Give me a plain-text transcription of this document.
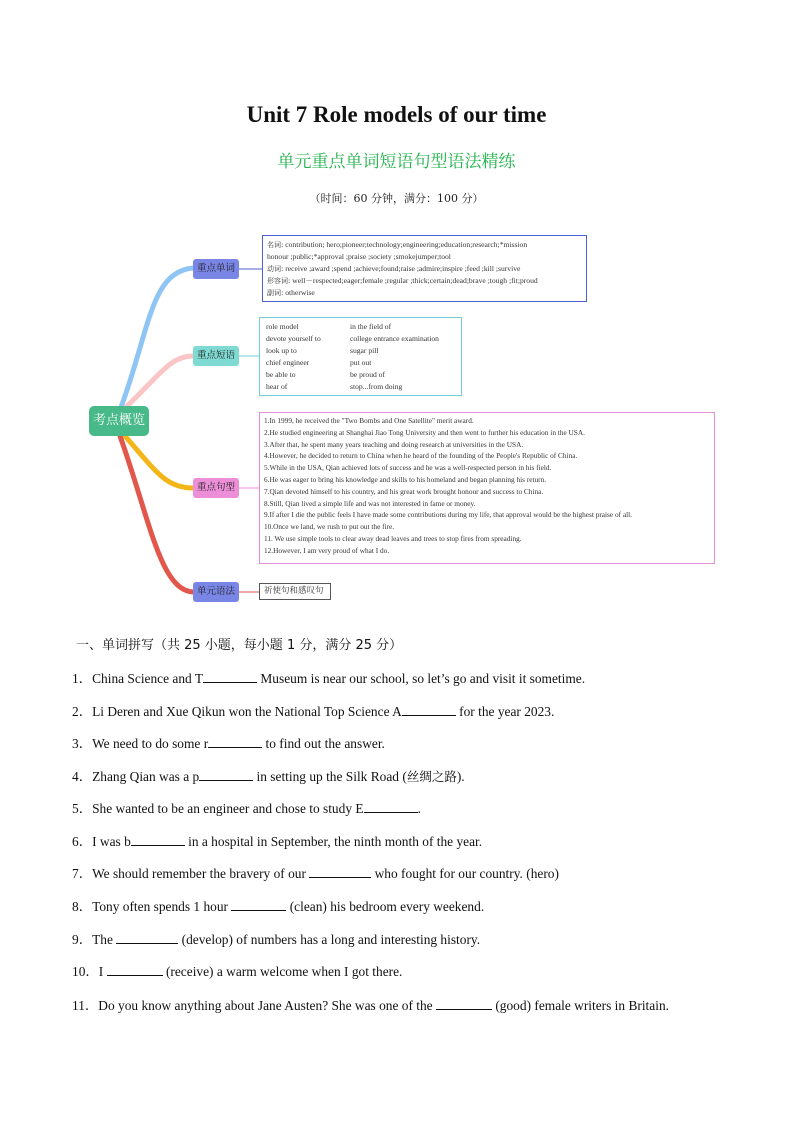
Unit 7 Role models of our time
单元重点单词短语句型语法精练
（时间：60 分钟，满分：100 分）
考点概览
重点单词
重点短语
重点句型
单元语法
名词: contribution; hero;pioneer;technology;engineering;education;research;*mission
honour ;public;*approval ;praise ;society ;smokejumper;tool
动词: receive ;award ;spend ;achieve;found;raise ;admire;inspire ;feed ;kill ;survive
形容词: well－respected;eager;female ;regular ;thick;certain;dead;brave ;tough ;fit;proud
副词: otherwise
role model	in the field of
devote yourself to	college entrance examination
look up to	sugar pill
chief engineer	put out
be able to	be proud of
hear of	stop...from doing
1.In 1999, he received the "Two Bombs and One Satellite" merit award.
2.He studied engineering at Shanghai Jiao Tong University and then went to further his education in the USA.
3.After that, he spent many years teaching and doing research at universities in the USA.
4.However, he decided to return to China when he heard of the founding of the People's Republic of China.
5.While in the USA, Qian achieved lots of success and he was a well-respected person in his field.
6.He was eager to bring his knowledge and skills to his homeland and began planning his return.
7.Qian devoted himself to his country, and his great work brought honour and success to China.
8.Still, Qian lived a simple life and was not interested in fame or money.
9.If after I die the public feels I have made some contributions during my life, that approval would be the highest praise of all.
10.Once we land, we rush to put out the fire.
11. We use simple tools to clear away dead leaves and trees to stop fires from spreading.
12.However, I am very proud of what I do.
祈使句和感叹句
一、单词拼写（共 25 小题，每小题 1 分，满分 25 分）
1．China Science and T	Museum is near our school, so let’s go and visit it sometime.
2．Li Deren and Xue Qikun won the National Top Science A	for the year 2023.
3．We need to do some r	to find out the answer.
4．Zhang Qian was a p	in setting up the Silk Road (丝绸之路).
5．She wanted to be an engineer and chose to study E	.
6．I was b	in a hospital in September, the ninth month of the year.
7．We should remember the bravery of our	who fought for our country. (hero)
8．Tony often spends 1 hour	(clean) his bedroom every weekend.
9．The	(develop) of numbers has a long and interesting history.
10．I	(receive) a warm welcome when I got there.
11．Do you know anything about Jane Austen? She was one of the	(good) female writers in Britain.
